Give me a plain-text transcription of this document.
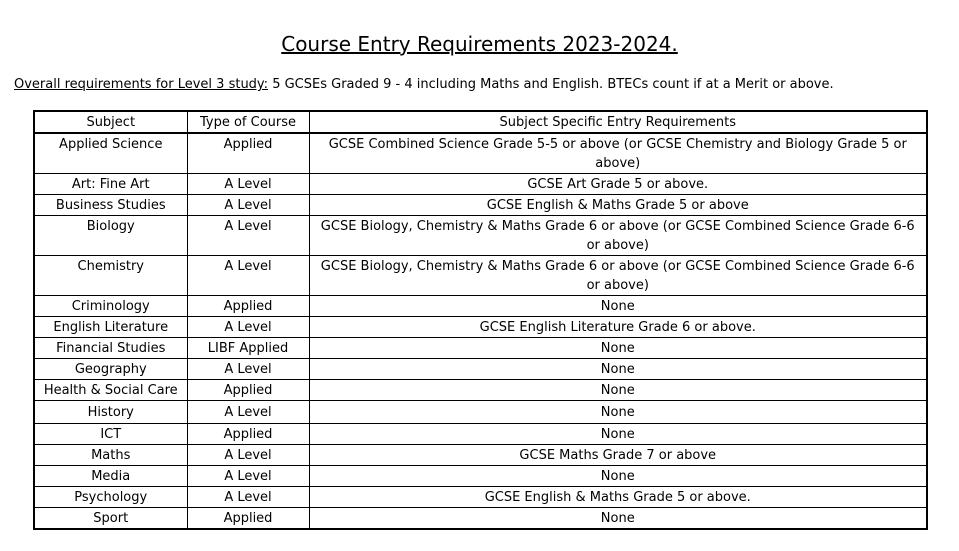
Course Entry Requirements 2023-2024.
Overall requirements for Level 3 study: 5 GCSEs Graded 9 - 4 including Maths and English. BTECs count if at a Merit or above.
Subject	Type of Course	Subject Specific Entry Requirements
Applied Science	Applied	GCSE Combined Science Grade 5-5 or above (or GCSE Chemistry and Biology Grade 5 or above)
Art: Fine Art	A Level	GCSE Art Grade 5 or above.
Business Studies	A Level	GCSE English & Maths Grade 5 or above
Biology	A Level	GCSE Biology, Chemistry & Maths Grade 6 or above (or GCSE Combined Science Grade 6-6 or above)
Chemistry	A Level	GCSE Biology, Chemistry & Maths Grade 6 or above (or GCSE Combined Science Grade 6-6 or above)
Criminology	Applied	None
English Literature	A Level	GCSE English Literature Grade 6 or above.
Financial Studies	LIBF Applied	None
Geography	A Level	None
Health & Social Care	Applied	None
History	A Level	None
ICT	Applied	None
Maths	A Level	GCSE Maths Grade 7 or above
Media	A Level	None
Psychology	A Level	GCSE English & Maths Grade 5 or above.
Sport	Applied	None
